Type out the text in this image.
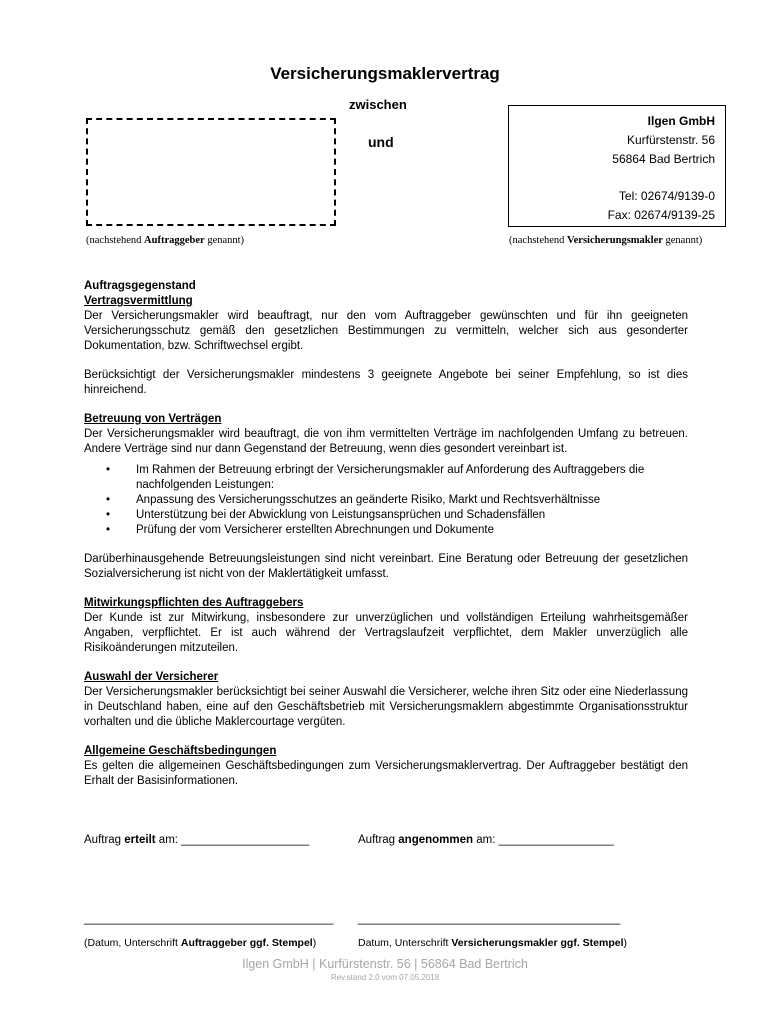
Versicherungsmaklervertrag
zwischen
und
Ilgen GmbH
Kurfürstenstr. 56
56864 Bad Bertrich
Tel: 02674/9139-0
Fax: 02674/9139-25
(nachstehend Auftraggeber genannt)	(nachstehend Versicherungsmakler genannt)

Auftragsgegenstand

Vertragsvermittlung

Der Versicherungsmakler wird beauftragt, nur den vom Auftraggeber gewünschten und für ihn geeigneten Versicherungsschutz gemäß den gesetzlichen Bestimmungen zu vermitteln, welcher sich aus gesonderter Dokumentation, bzw. Schriftwechsel ergibt.

Berücksichtigt der Versicherungsmakler mindestens 3 geeignete Angebote bei seiner Empfehlung, so ist dies hinreichend.

Betreuung von Verträgen

Der Versicherungsmakler wird beauftragt, die von ihm vermittelten Verträge im nachfolgenden Umfang zu betreuen. Andere Verträge sind nur dann Gegenstand der Betreuung, wenn dies gesondert vereinbart ist.

• Im Rahmen der Betreuung erbringt der Versicherungsmakler auf Anforderung des Auftraggebers die nachfolgenden Leistungen:
• Anpassung des Versicherungsschutzes an geänderte Risiko, Markt und Rechtsverhältnisse
• Unterstützung bei der Abwicklung von Leistungsansprüchen und Schadensfällen
• Prüfung der vom Versicherer erstellten Abrechnungen und Dokumente

Darüberhinausgehende Betreuungsleistungen sind nicht vereinbart. Eine Beratung oder Betreuung der gesetzlichen Sozialversicherung ist nicht von der Maklertätigkeit umfasst.

Mitwirkungspflichten des Auftraggebers

Der Kunde ist zur Mitwirkung, insbesondere zur unverzüglichen und vollständigen Erteilung wahrheitsgemäßer Angaben, verpflichtet. Er ist auch während der Vertragslaufzeit verpflichtet, dem Makler unverzüglich alle Risikoänderungen mitzuteilen.

Auswahl der Versicherer

Der Versicherungsmakler berücksichtigt bei seiner Auswahl die Versicherer, welche ihren Sitz oder eine Niederlassung in Deutschland haben, eine auf den Geschäftsbetrieb mit Versicherungsmaklern abgestimmte Organisationsstruktur vorhalten und die übliche Maklercourtage vergüten.

Allgemeine Geschäftsbedingungen

Es gelten die allgemeinen Geschäftsbedingungen zum Versicherungsmaklervertrag. Der Auftraggeber bestätigt den Erhalt der Basisinformationen.

Auftrag erteilt am: ____________________	Auftrag angenommen am: __________________
_______________________________________ _________________________________________
(Datum, Unterschrift Auftraggeber ggf. Stempel)	Datum, Unterschrift Versicherungsmakler ggf. Stempel)
Ilgen GmbH | Kurfürstenstr. 56 | 56864 Bad Bertrich
Rev.stand 2.0 vom 07.05.2018
